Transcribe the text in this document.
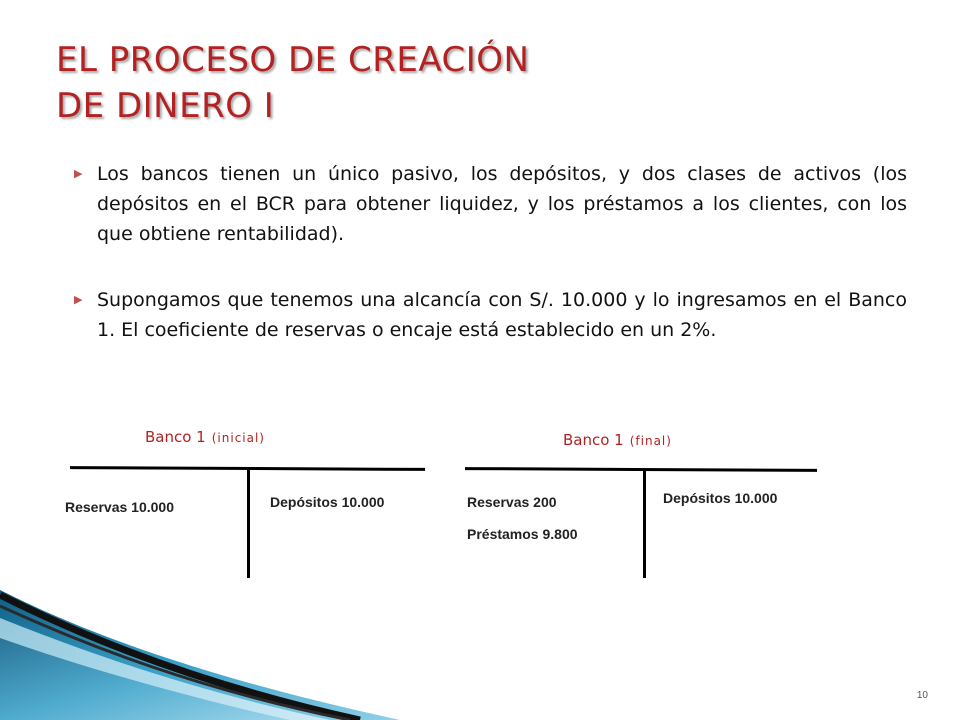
EL PROCESO DE CREACIÓN
DE DINERO I
▶ Los bancos tienen un único pasivo, los depósitos, y dos clases de activos (los depósitos en el BCR para obtener liquidez, y los préstamos a los clientes, con los que obtiene rentabilidad).
▶ Supongamos que tenemos una alcancía con S/. 10.000 y lo ingresamos en el Banco 1. El coeficiente de reservas o encaje está establecido en un 2%.
Banco 1 (inicial)
Reservas 10.000	Depósitos 10.000
Banco 1 (final)
Reservas 200
Préstamos 9.800
Depósitos 10.000
10
